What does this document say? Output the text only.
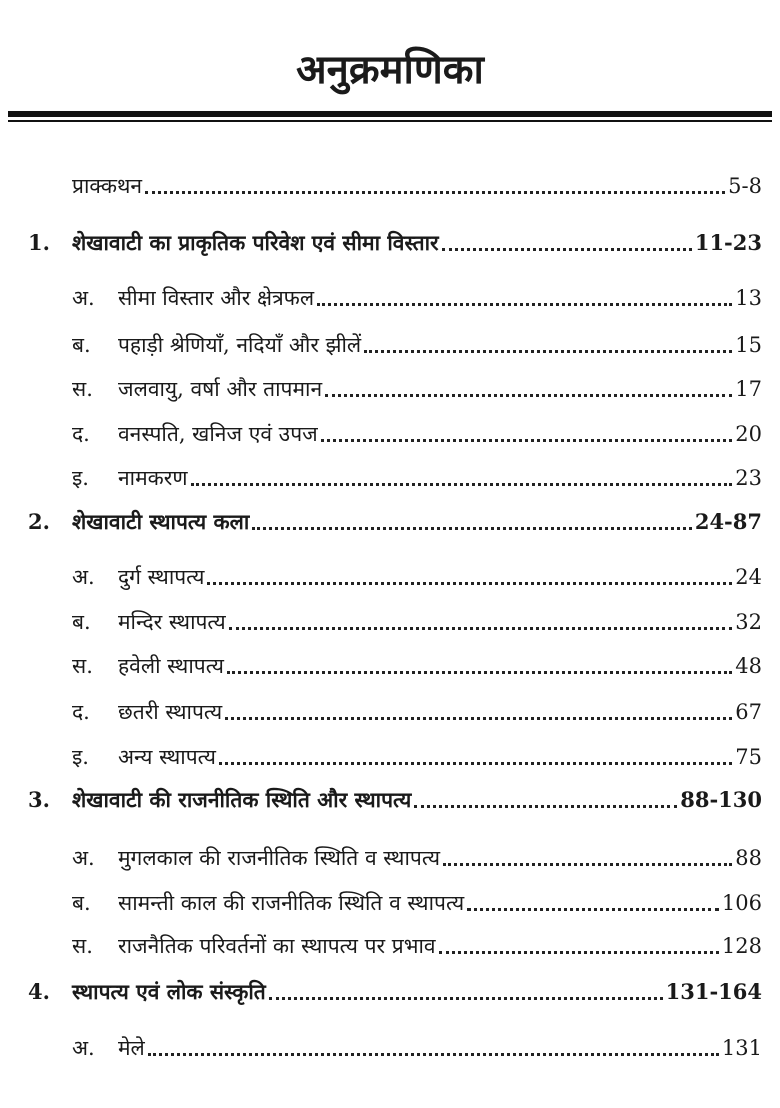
अनुक्रमणिका
प्राक्कथन	5-8
1. शेखावाटी का प्राकृतिक परिवेश एवं सीमा विस्तार	11-23
अ.	सीमा विस्तार और क्षेत्रफल	13
ब.	पहाड़ी श्रेणियाँ, नदियाँ और झीलें	15
स.	जलवायु, वर्षा और तापमान	17
द.	वनस्पति, खनिज एवं उपज	20
इ.	नामकरण	23
2. शेखावाटी स्थापत्य कला	24-87
अ.	दुर्ग स्थापत्य	24
ब.	मन्दिर स्थापत्य	32
स.	हवेली स्थापत्य	48
द.	छतरी स्थापत्य	67
इ.	अन्य स्थापत्य	75
3. शेखावाटी की राजनीतिक स्थिति और स्थापत्य	88-130
अ.	मुगलकाल की राजनीतिक स्थिति व स्थापत्य	88
ब.	सामन्ती काल की राजनीतिक स्थिति व स्थापत्य	106
स.	राजनैतिक परिवर्तनों का स्थापत्य पर प्रभाव	128
4. स्थापत्य एवं लोक संस्कृति	131-164
अ.	मेले	131
